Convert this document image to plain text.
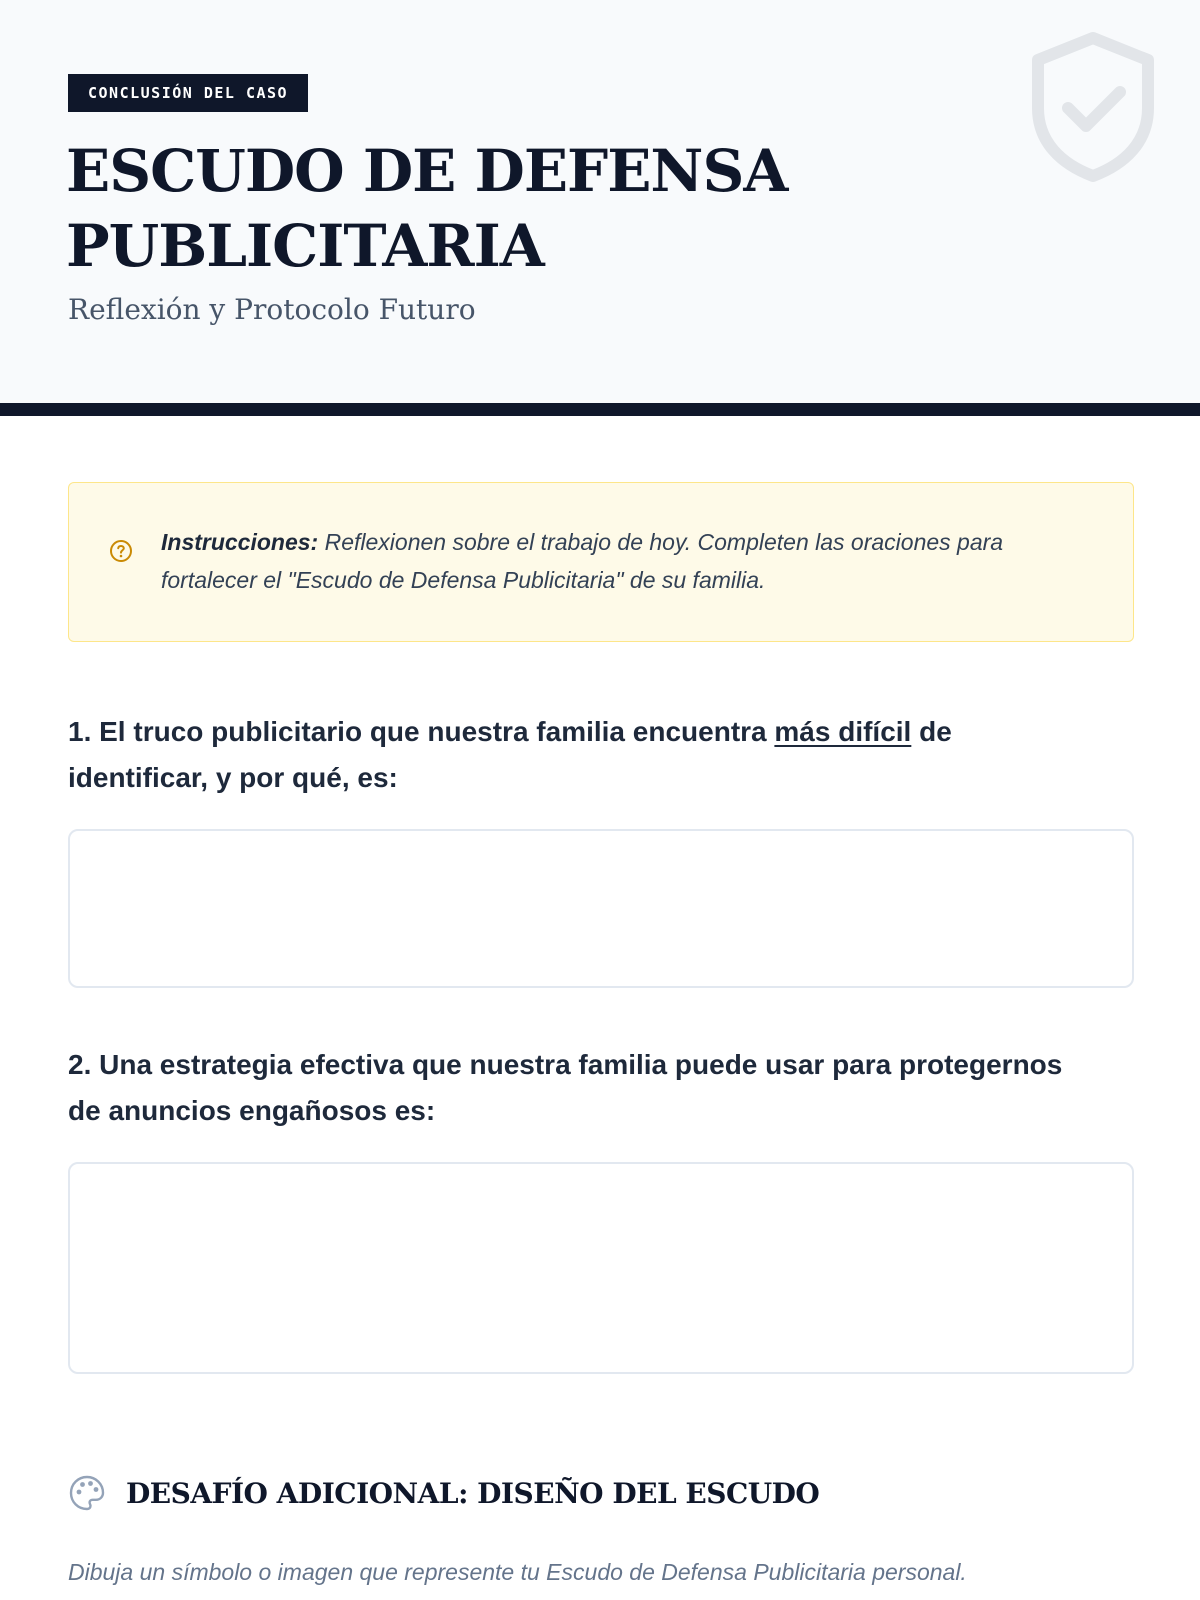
CONCLUSIÓN DEL CASO
ESCUDO DE DEFENSA PUBLICITARIA
Reflexión y Protocolo Futuro

Instrucciones: Reflexionen sobre el trabajo de hoy. Completen las oraciones para fortalecer el "Escudo de Defensa Publicitaria" de su familia.

1. El truco publicitario que nuestra familia encuentra más difícil de identificar, y por qué, es:
2. Una estrategia efectiva que nuestra familia puede usar para protegernos de anuncios engañosos es:
DESAFÍO ADICIONAL: DISEÑO DEL ESCUDO
Dibuja un símbolo o imagen que represente tu Escudo de Defensa Publicitaria personal.
